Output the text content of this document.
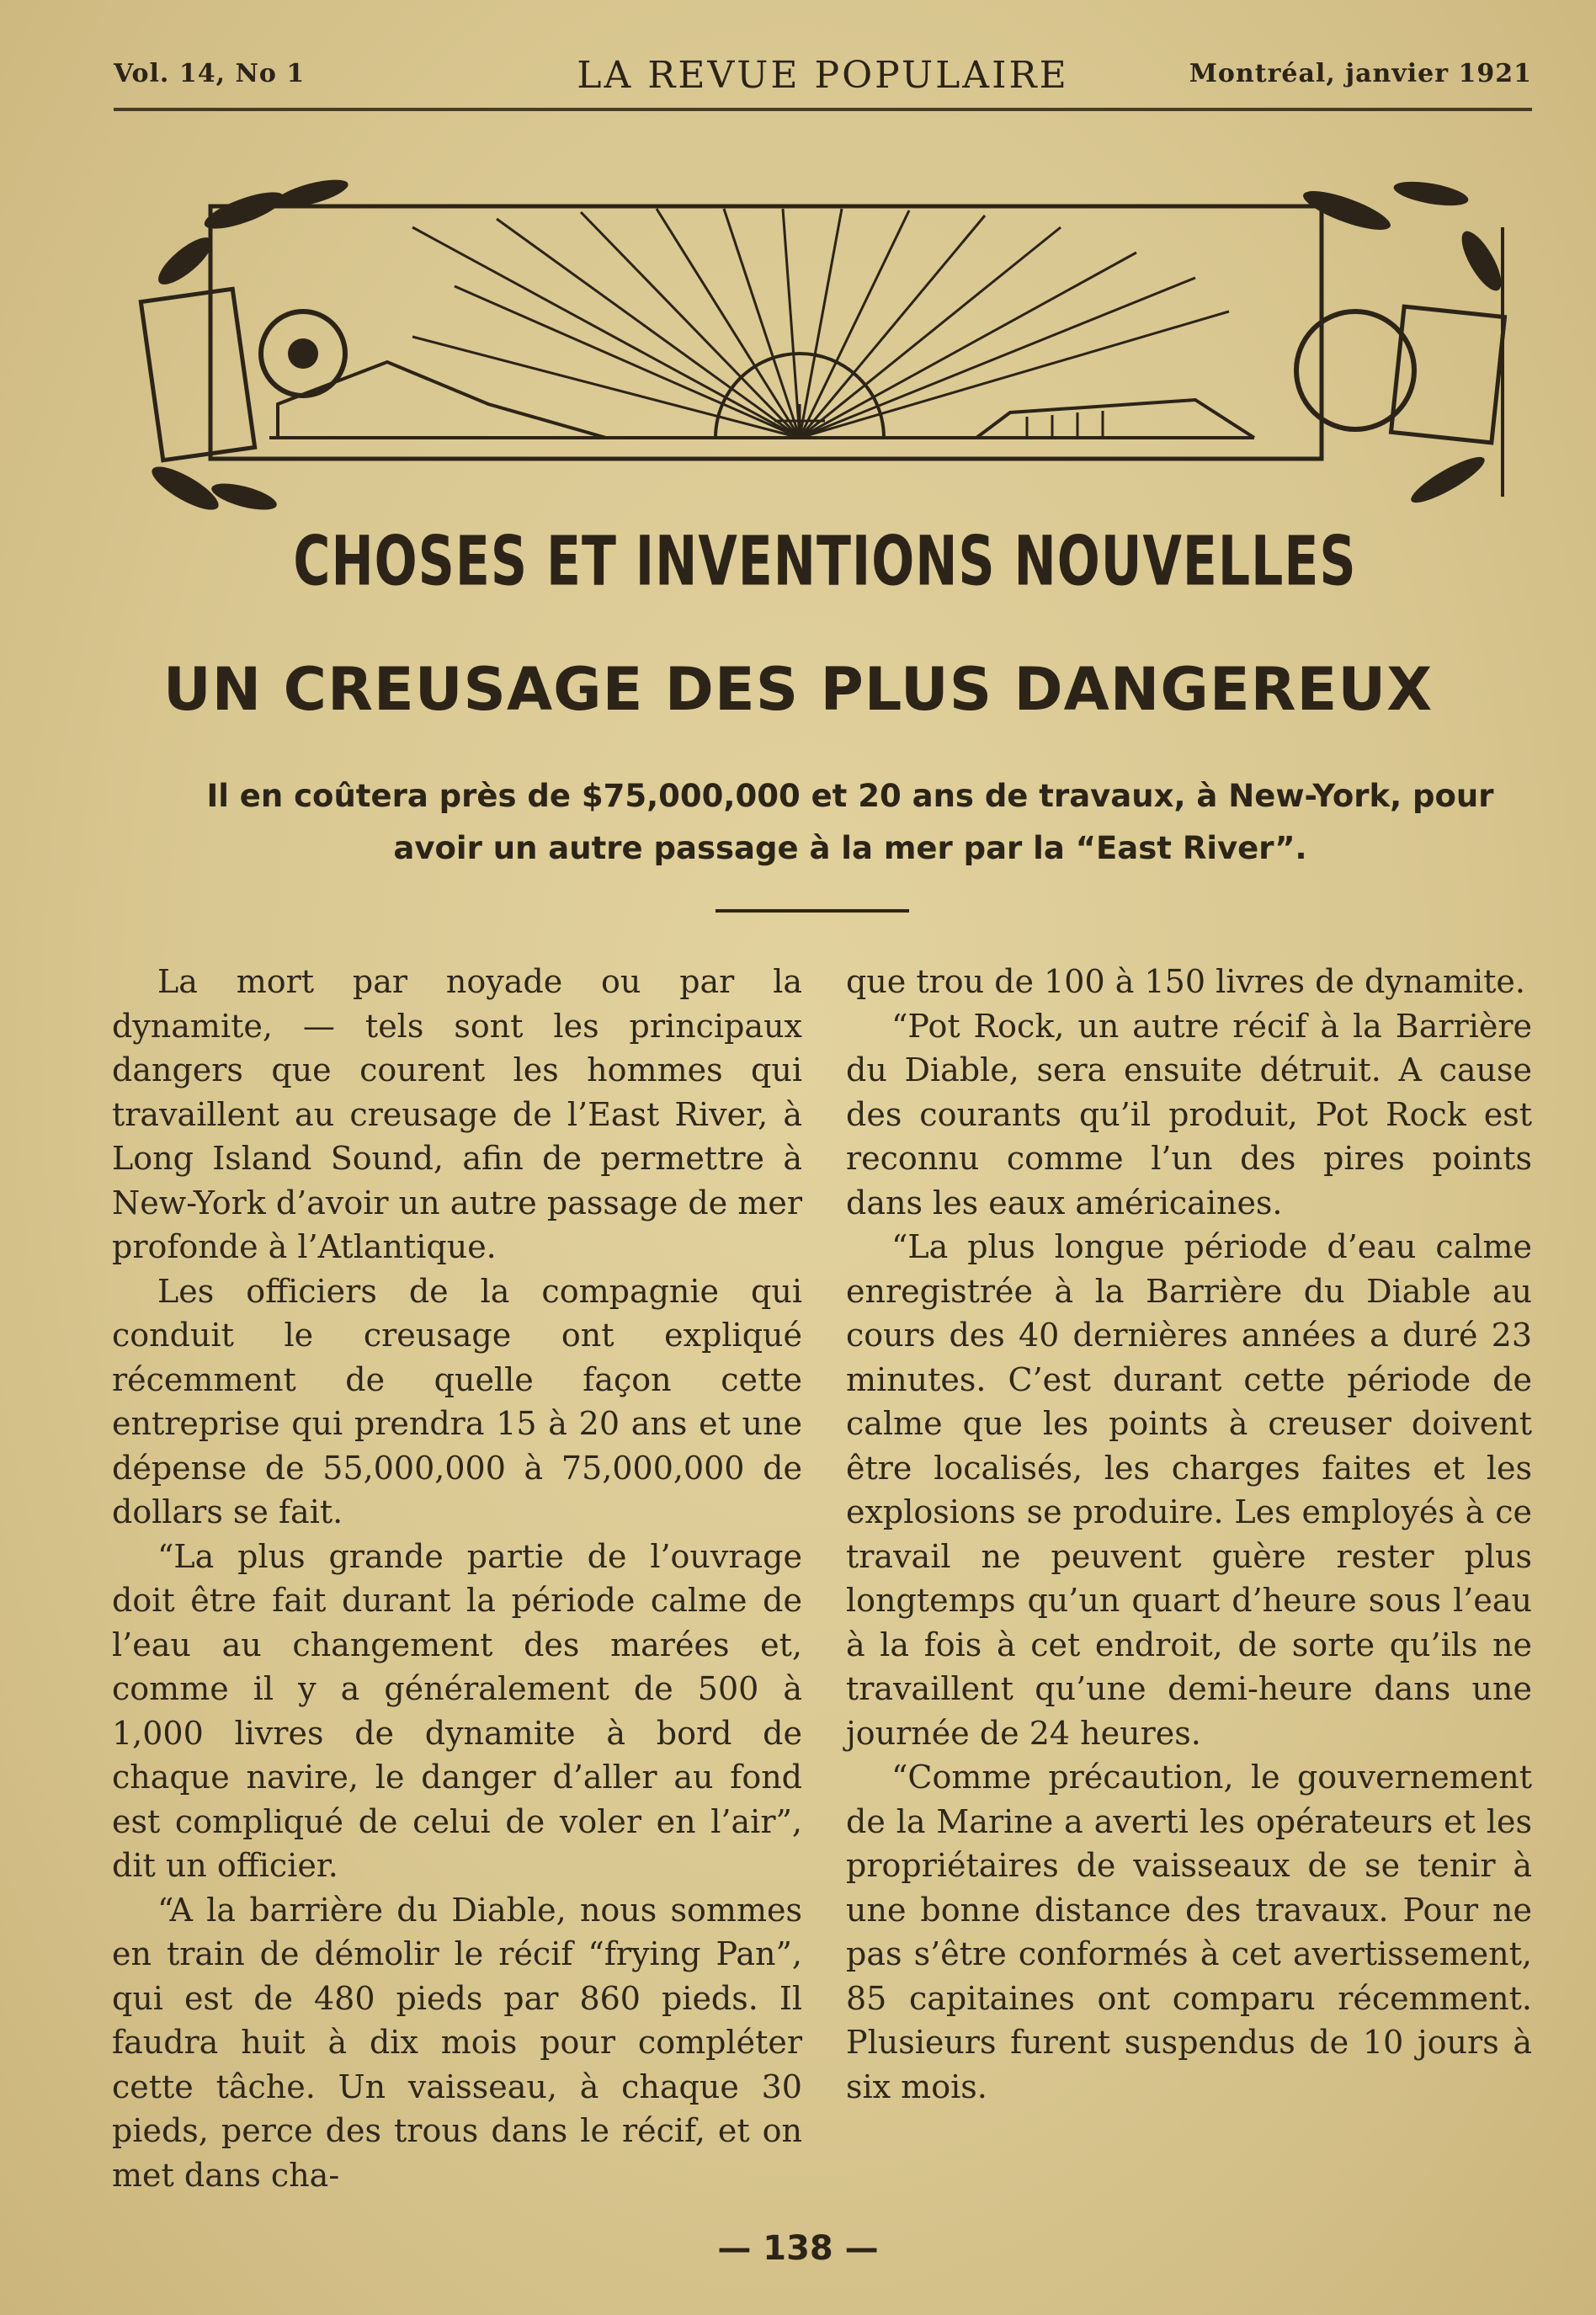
Vol. 14, No 1	LA REVUE POPULAIRE	Montréal, janvier 1921
CHOSES ET INVENTIONS NOUVELLES
UN CREUSAGE DES PLUS DANGEREUX
Il en coûtera près de $75,000,000 et 20 ans de travaux, à New-York, pour avoir un autre passage à la mer par la “East River”.

La mort par noyade ou par la dynamite, — tels sont les principaux dangers que courent les hommes qui travaillent au creusage de l’East River, à Long Island Sound, afin de permettre à New-York d’avoir un autre passage de mer profonde à l’Atlantique.

Les officiers de la compagnie qui conduit le creusage ont expliqué récemment de quelle façon cette entreprise qui prendra 15 à 20 ans et une dépense de 55,000,000 à 75,000,000 de dollars se fait.

“La plus grande partie de l’ouvrage doit être fait durant la période calme de l’eau au changement des marées et, comme il y a généralement de 500 à 1,000 livres de dynamite à bord de chaque navire, le danger d’aller au fond est compliqué de celui de voler en l’air”, dit un officier.

“A la barrière du Diable, nous sommes en train de démolir le récif “frying Pan”, qui est de 480 pieds par 860 pieds. Il faudra huit à dix mois pour compléter cette tâche. Un vaisseau, à chaque 30 pieds, perce des trous dans le récif, et on met dans cha-

que trou de 100 à 150 livres de dynamite.

“Pot Rock, un autre récif à la Barrière du Diable, sera ensuite détruit. A cause des courants qu’il produit, Pot Rock est reconnu comme l’un des pires points dans les eaux américaines.

“La plus longue période d’eau calme enregistrée à la Barrière du Diable au cours des 40 dernières années a duré 23 minutes. C’est durant cette période de calme que les points à creuser doivent être localisés, les charges faites et les explosions se produire. Les employés à ce travail ne peuvent guère rester plus longtemps qu’un quart d’heure sous l’eau à la fois à cet endroit, de sorte qu’ils ne travaillent qu’une demi-heure dans une journée de 24 heures.

“Comme précaution, le gouvernement de la Marine a averti les opérateurs et les propriétaires de vaisseaux de se tenir à une bonne distance des travaux. Pour ne pas s’être conformés à cet avertissement, 85 capitaines ont comparu récemment. Plusieurs furent suspendus de 10 jours à six mois.

— 138 —
